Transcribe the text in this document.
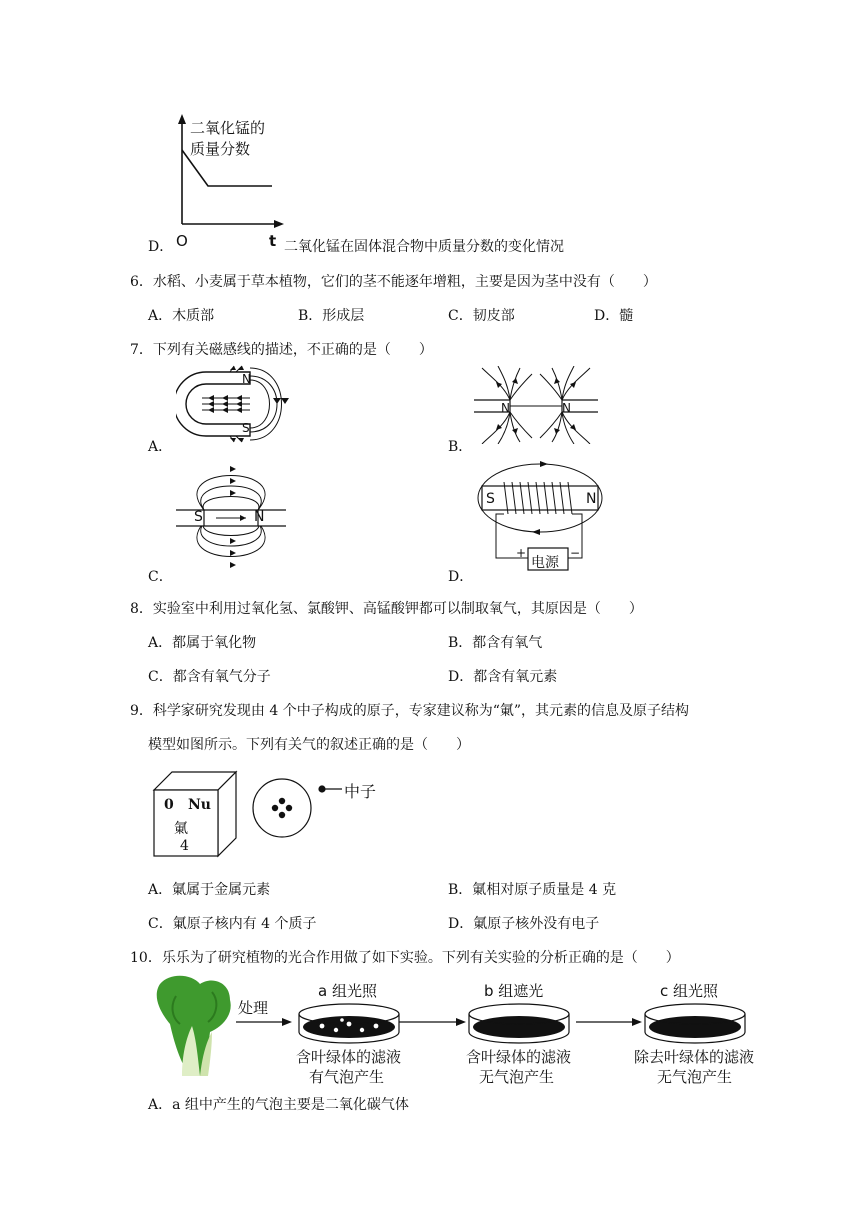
二氧化锰的
质量分数
D． O	t 二氧化锰在固体混合物中质量分数的变化情况
6．水稻、小麦属于草本植物，它们的茎不能逐年增粗，主要是因为茎中没有（　　）
A．木质部	B．形成层	C．韧皮部	D．髓
7．下列有关磁感线的描述，不正确的是（　　）
N
S
A．
N	N
B．
S	N
C．
S	N
+	−
电源
D．
8．实验室中利用过氧化氢、氯酸钾、高锰酸钾都可以制取氧气，其原因是（　　）
A．都属于氧化物	B．都含有氧气
C．都含有氧气分子	D．都含有氧元素
9．科学家研究发现由 4 个中子构成的原子，专家建议称为“氭”，其元素的信息及原子结构
模型如图所示。下列有关气的叙述正确的是（　　）
0 Nu
氭
4
中子
A．氭属于金属元素	B．氭相对原子质量是 4 克
C．氭原子核内有 4 个质子	D．氭原子核外没有电子
10．乐乐为了研究植物的光合作用做了如下实验。下列有关实验的分析正确的是（　　）
处理
a 组光照	b 组遮光	c 组光照
含叶绿体的滤液
有气泡产生
含叶绿体的滤液
无气泡产生
除去叶绿体的滤液
无气泡产生
A．a 组中产生的气泡主要是二氧化碳气体
